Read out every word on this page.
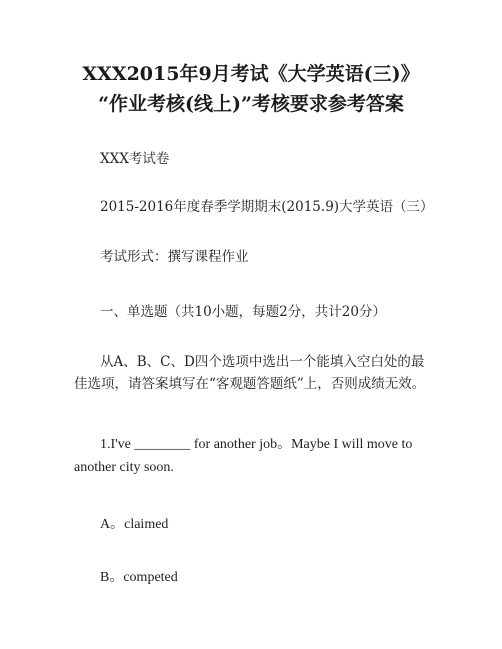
XXX2015年9月考试《大学英语(三)》
“作业考核(线上)”考核要求参考答案
XXX考试卷
2015-2016年度春季学期期末(2015.9)大学英语（三）
考试形式：撰写课程作业
一、单选题（共10小题，每题2分，共计20分）
从A、B、C、D四个选项中选出一个能填入空白处的最
佳选项，请答案填写在“客观题答题纸”上，否则成绩无效。
1.I've ________ for another job。Maybe I will move to
another city soon.
A。claimed
B。competed
